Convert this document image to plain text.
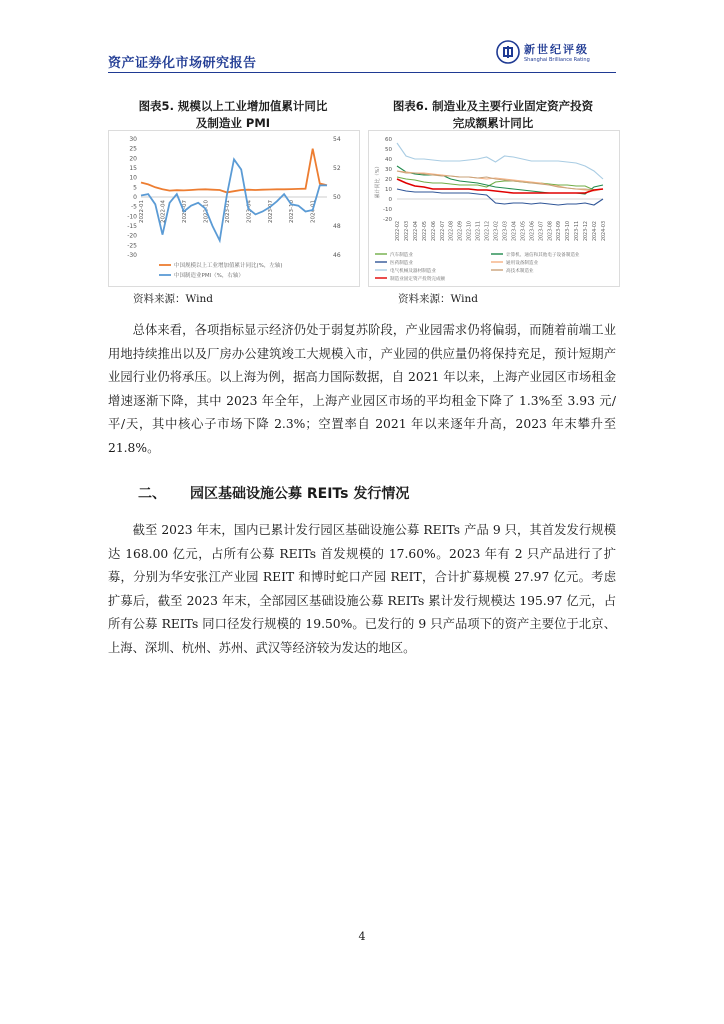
资产证券化市场研究报告
新世纪评级
Shanghai Brilliance Rating
图表5. 规模以上工业增加值累计同比
及制造业 PMI
图表6. 制造业及主要行业固定资产投资
完成额累计同比
30
25
20
15
10
5
0
-5
-10
-15
-20
-25
-30
54
52
50
48
46
2022-01	2022-04	2022-07	2022-10	2023-01	2023-04	2023-07	2023-10	2024-01
中国规模以上工业增加值累计同比(%，左轴)
中国制造业PMI（%，右轴）
60
50
40
30
20
10
0
-10
-20
累计同比（%）
2022-02 2022-03 2022-04 2022-05 2022-06 2022-07 2022-08 2022-09 2022-10 2022-11 2022-12 2023-02 2023-03 2023-04 2023-05 2023-06 2023-07 2023-08 2023-09 2023-10 2023-11 2023-12 2024-02 2024-03
汽车制造业	计算机、通信和其他电子设备制造业
医药制造业	通用设备制造业
电气机械及器材制造业	高技术制造业
制造业固定资产投资完成额
资料来源：Wind	资料来源：Wind
总体来看，各项指标显示经济仍处于弱复苏阶段，产业园需求仍将偏弱，而随着前端工业用地持续推出以及厂房办公建筑竣工大规模入市，产业园的供应量仍将保持充足，预计短期产业园行业仍将承压。以上海为例，据高力国际数据，自 2021 年以来，上海产业园区市场租金增速逐渐下降，其中 2023 年全年，上海产业园区市场的平均租金下降了 1.3%至 3.93 元/平/天，其中核心子市场下降 2.3%；空置率自 2021 年以来逐年升高，2023 年末攀升至 21.8%。
二、 园区基础设施公募 REITs 发行情况
截至 2023 年末，国内已累计发行园区基础设施公募 REITs 产品 9 只，其首发发行规模达 168.00 亿元，占所有公募 REITs 首发规模的 17.60%。2023 年有 2 只产品进行了扩募，分别为华安张江产业园 REIT 和博时蛇口产园 REIT，合计扩募规模 27.97 亿元。考虑扩募后，截至 2023 年末，全部园区基础设施公募 REITs 累计发行规模达 195.97 亿元，占所有公募 REITs 同口径发行规模的 19.50%。已发行的 9 只产品项下的资产主要位于北京、上海、深圳、杭州、苏州、武汉等经济较为发达的地区。
4
